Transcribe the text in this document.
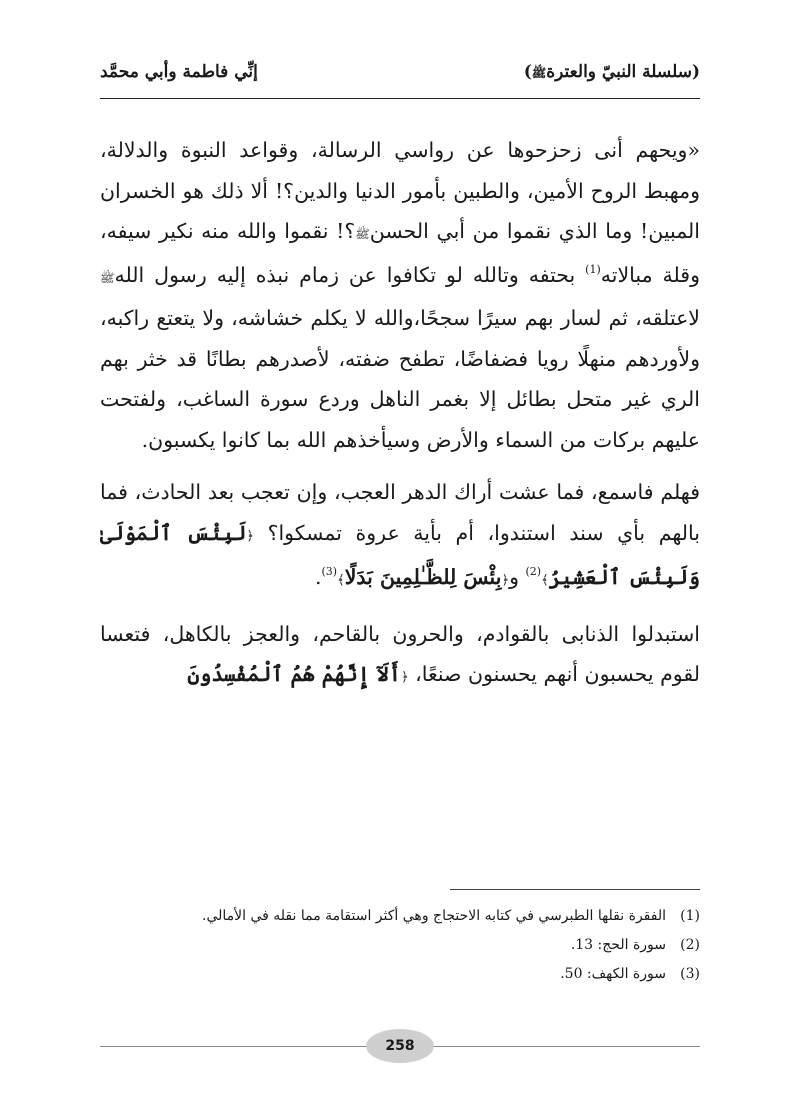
(سلسلة النبيّ والعترةﷺ)
إنِّي فاطمة وأبي محمَّد

«ويحهم أنى زحزحوها عن رواسي الرسالة، وقواعد النبوة والدلالة، ومهبط الروح الأمين، والطبين بأمور الدنيا والدين؟! ألا ذلك هو الخسران المبين! وما الذي نقموا من أبي الحسنﷺ؟! نقموا والله منه نكير سيفه، وقلة مبالاته$^{(1)}$ بحتفه وتالله لو تكافوا عن زمام نبذه إليه رسول اللهﷺ لاعتلقه، ثم لسار بهم سيرًا سجحًا،والله لا يكلم خشاشه، ولا يتعتع راكبه، ولأوردهم منهلًا رويا فضفاضًا، تطفح ضفته، لأصدرهم بطانًا قد خثر بهم الري غير متحل بطائل إلا بغمر الناهل وردع سورة الساغب، ولفتحت عليهم بركات من السماء والأرض وسيأخذهم الله بما كانوا يكسبون.

فهلم فاسمع، فما عشت أراك الدهر العجب، وإن تعجب بعد الحادث، فما بالهم بأي سند استندوا، أم بأية عروة تمسكوا؟ ﴿لَبِئْسَ ٱلْمَوْلَىٰ وَلَبِئْسَ ٱلْعَشِيرُ﴾$^{(2)}$ و﴿بِئْسَ لِلظَّـٰلِمِينَ بَدَلًا﴾$^{(3)}$.

استبدلوا الذنابى بالقوادم، والحرون بالقاحم، والعجز بالكاهل، فتعسا لقوم يحسبون أنهم يحسنون صنعًا، ﴿أَلَآ إِنَّهُمْ هُمُ ٱلْمُفْسِدُونَ

(1)الفقرة نقلها الطبرسي في كتابه الاحتجاج وهي أكثر استقامة مما نقله في الأمالي.
(2)سورة الحج: 13.
(3)سورة الكهف: 50.
258
